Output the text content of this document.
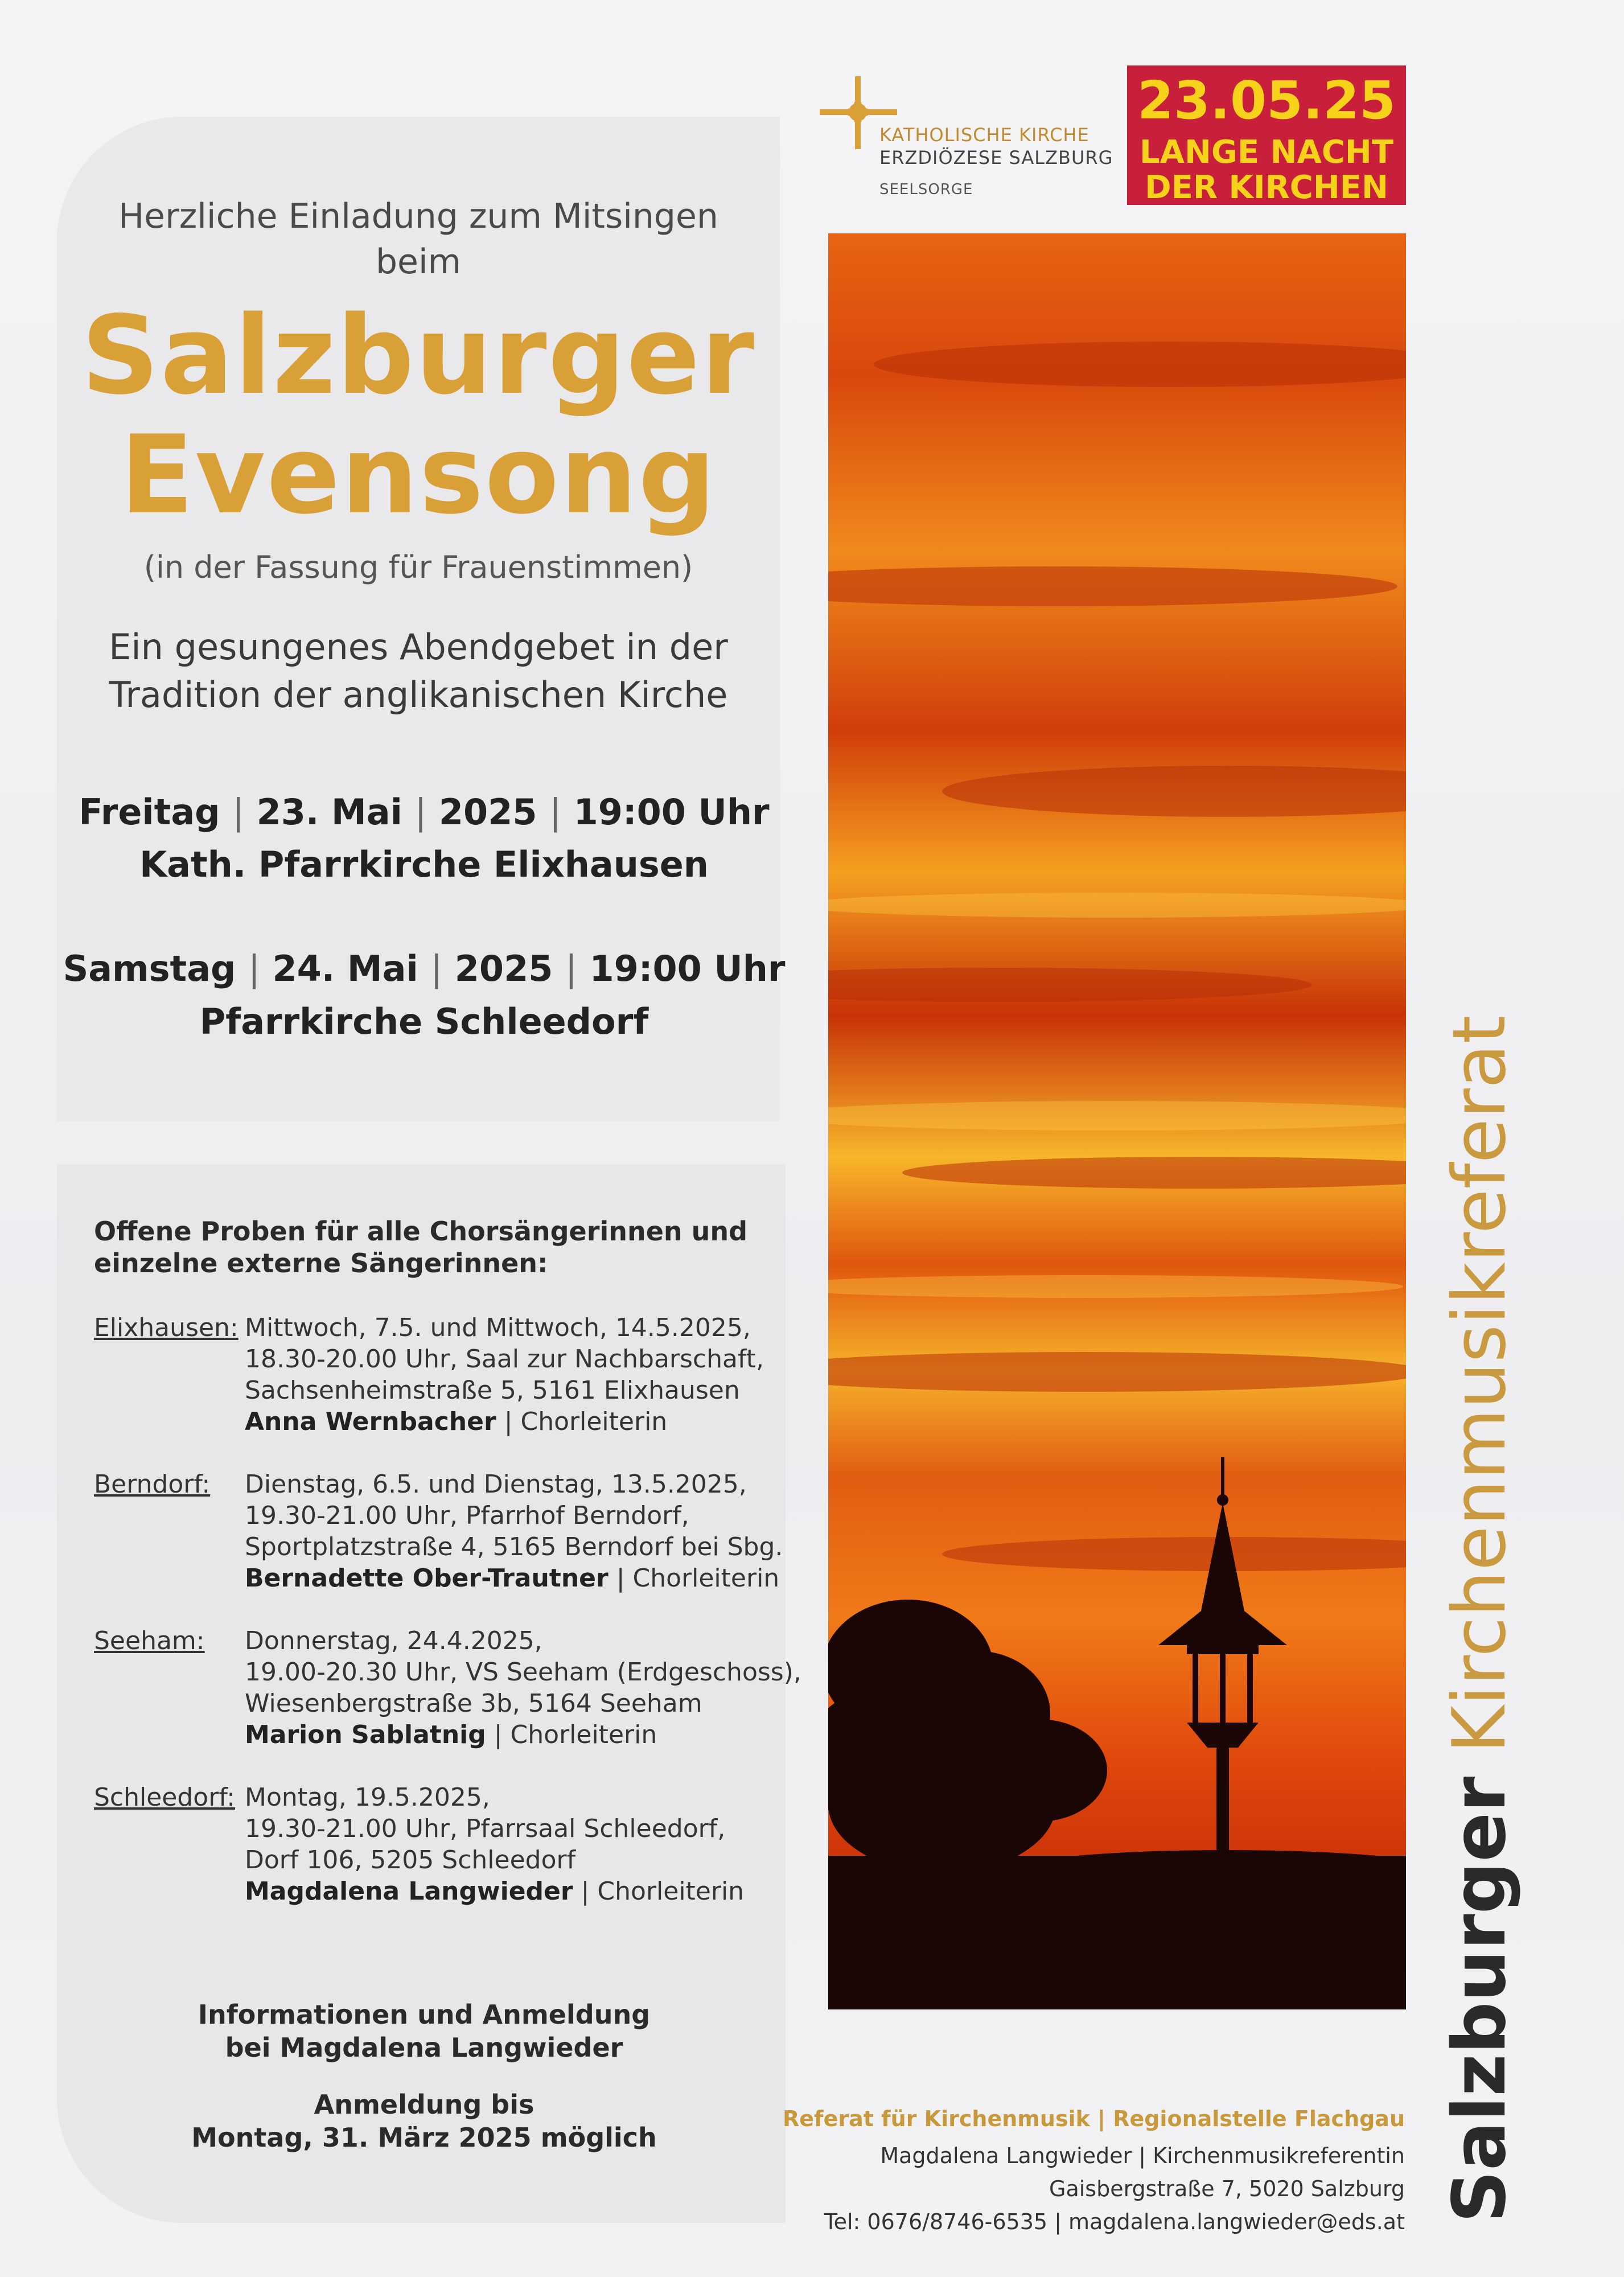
Herzliche Einladung zum Mitsingen
beim
Salzburger
Evensong
(in der Fassung für Frauenstimmen)
Ein gesungenes Abendgebet in der
Tradition der anglikanischen Kirche
Freitag | 23. Mai | 2025 | 19:00 Uhr
Kath. Pfarrkirche Elixhausen
Samstag | 24. Mai | 2025 | 19:00 Uhr
Pfarrkirche Schleedorf
Offene Proben für alle Chorsängerinnen und
einzelne externe Sängerinnen:
Elixhausen: Mittwoch, 7.5. und Mittwoch, 14.5.2025,
18.30-20.00 Uhr, Saal zur Nachbarschaft,
Sachsenheimstraße 5, 5161 Elixhausen
Anna Wernbacher | Chorleiterin
Berndorf: Dienstag, 6.5. und Dienstag, 13.5.2025,
19.30-21.00 Uhr, Pfarrhof Berndorf,
Sportplatzstraße 4, 5165 Berndorf bei Sbg.
Bernadette Ober-Trautner | Chorleiterin
Seeham: Donnerstag, 24.4.2025,
19.00-20.30 Uhr, VS Seeham (Erdgeschoss),
Wiesenbergstraße 3b, 5164 Seeham
Marion Sablatnig | Chorleiterin
Schleedorf: Montag, 19.5.2025,
19.30-21.00 Uhr, Pfarrsaal Schleedorf,
Dorf 106, 5205 Schleedorf
Magdalena Langwieder | Chorleiterin
Informationen und Anmeldung
bei Magdalena Langwieder
Anmeldung bis
Montag, 31. März 2025 möglich
KATHOLISCHE KIRCHE
ERZDIÖZESE SALZBURG
SEELSORGE
23.05.25
LANGE NACHT
DER KIRCHEN
Salzburger Kirchenmusikreferat
Referat für Kirchenmusik | Regionalstelle Flachgau
Magdalena Langwieder | Kirchenmusikreferentin
Gaisbergstraße 7, 5020 Salzburg
Tel: 0676/8746-6535 | magdalena.langwieder@eds.at
